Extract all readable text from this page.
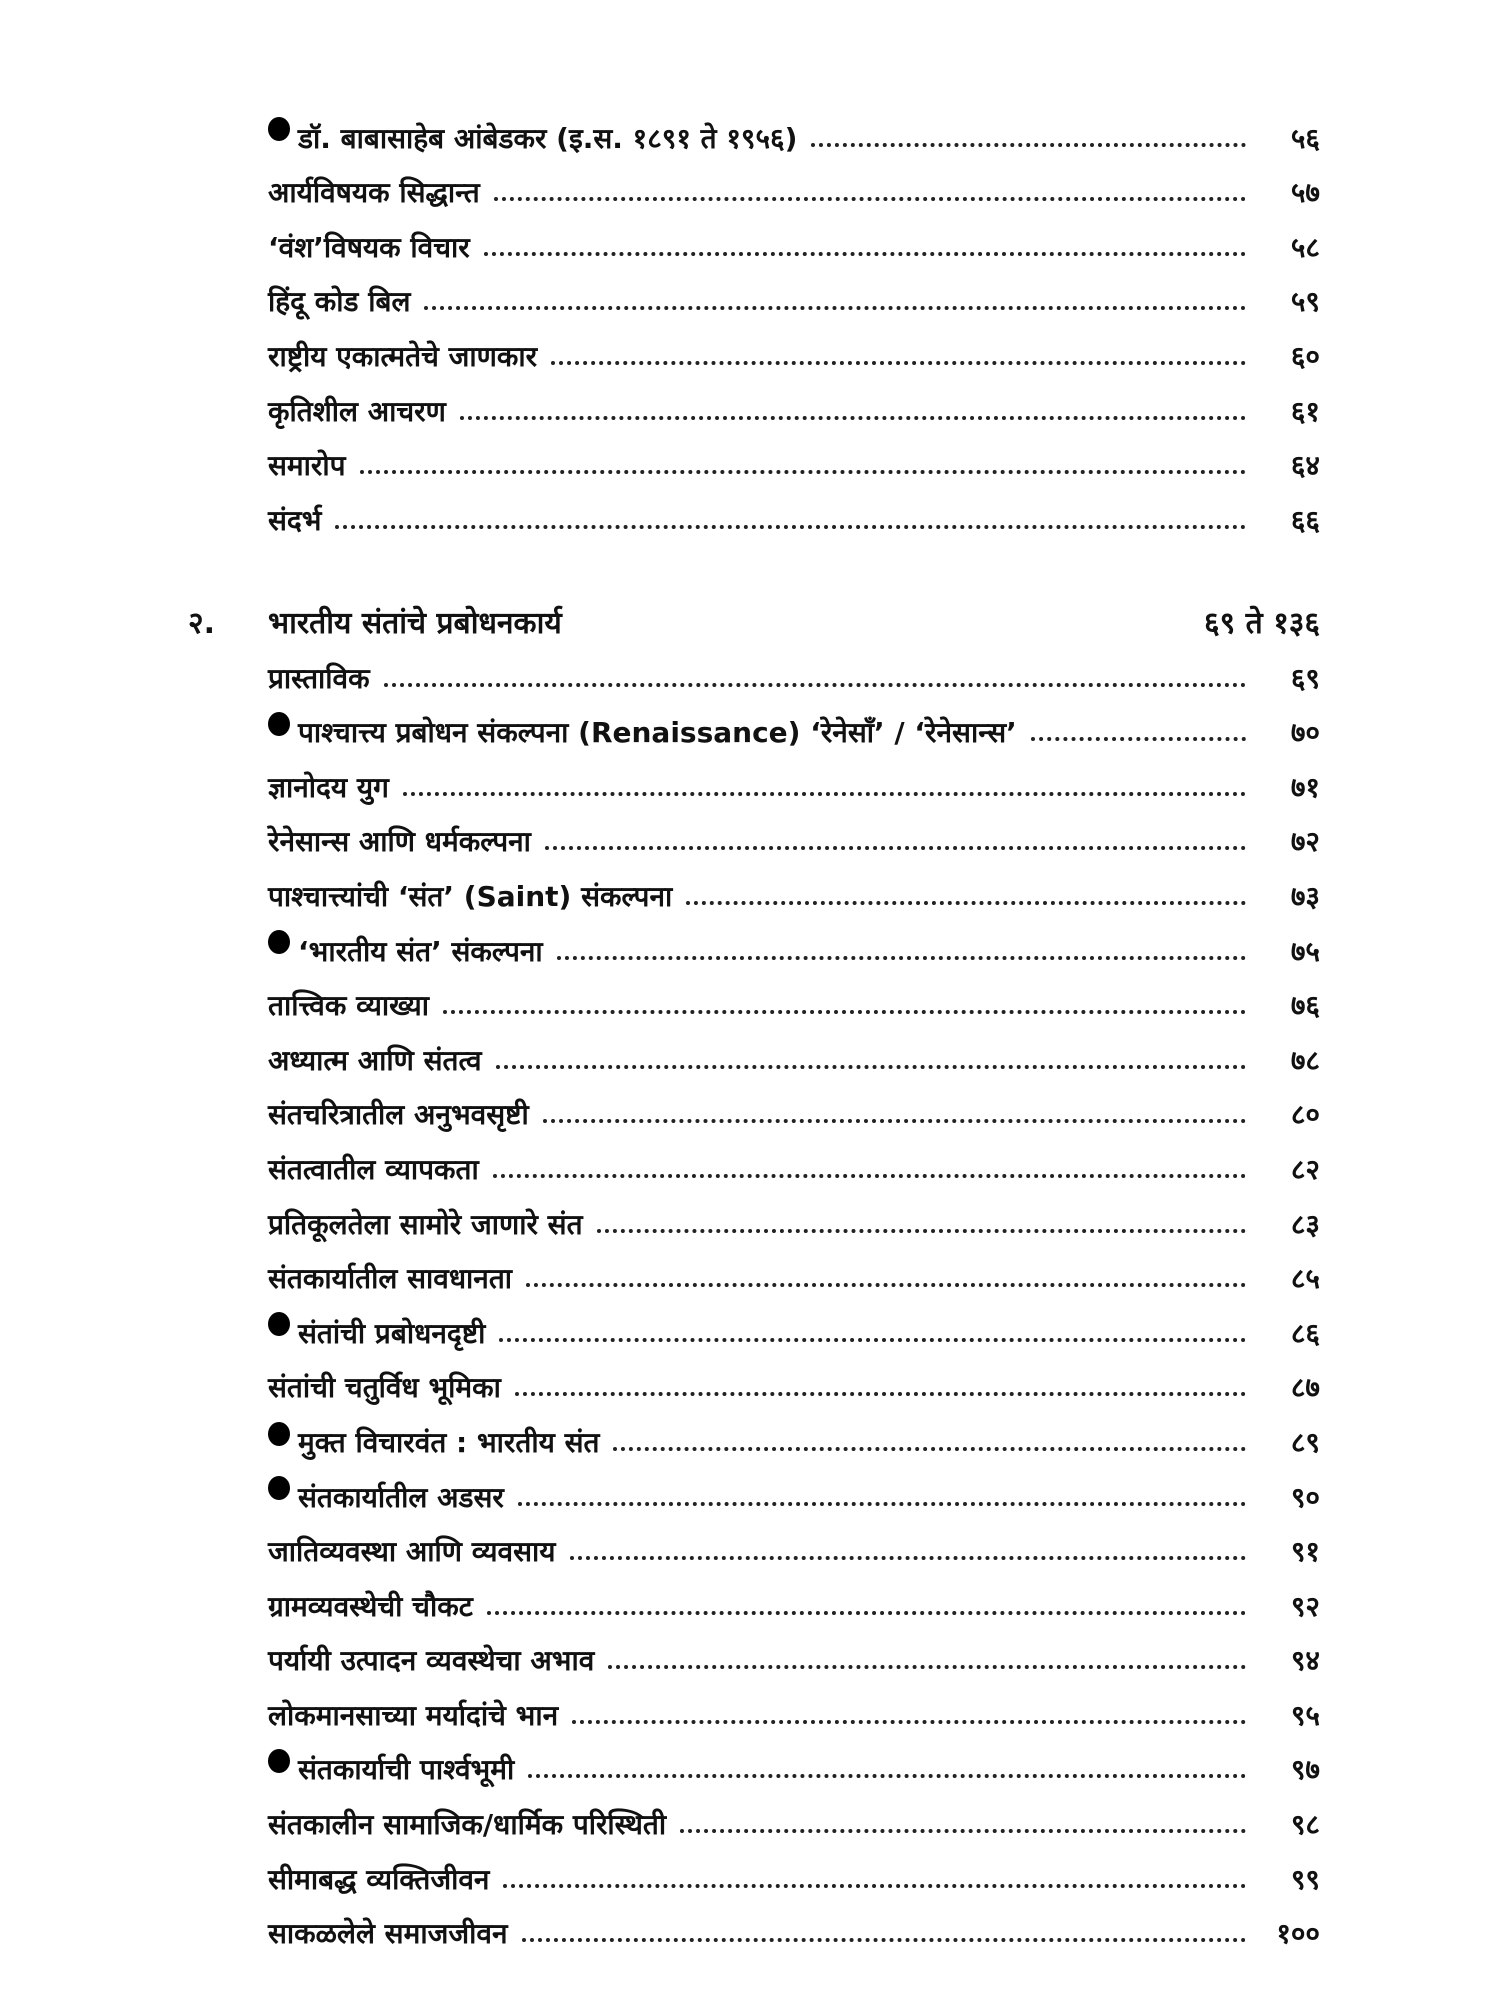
डॉ. बाबासाहेब आंबेडकर (इ.स. १८९१ ते १९५६)	५६
आर्यविषयक सिद्धान्त	५७
‘वंश’विषयक विचार	५८
हिंदू कोड बिल	५९
राष्ट्रीय एकात्मतेचे जाणकार	६०
कृतिशील आचरण	६१
समारोप	६४
संदर्भ	६६
२. भारतीय संतांचे प्रबोधनकार्य	६९ ते १३६
प्रास्ताविक	६९
पाश्चात्त्य प्रबोधन संकल्पना (Renaissance) ‘रेनेसाँ’ / ‘रेनेसान्स’	७०
ज्ञानोदय युग	७१
रेनेसान्स आणि धर्मकल्पना	७२
पाश्चात्त्यांची ‘संत’ (Saint) संकल्पना	७३
‘भारतीय संत’ संकल्पना	७५
तात्त्विक व्याख्या	७६
अध्यात्म आणि संतत्व	७८
संतचरित्रातील अनुभवसृष्टी	८०
संतत्वातील व्यापकता	८२
प्रतिकूलतेला सामोरे जाणारे संत	८३
संतकार्यातील सावधानता	८५
संतांची प्रबोधनदृष्टी	८६
संतांची चतुर्विध भूमिका	८७
मुक्त विचारवंत : भारतीय संत	८९
संतकार्यातील अडसर	९०
जातिव्यवस्था आणि व्यवसाय	९१
ग्रामव्यवस्थेची चौकट	९२
पर्यायी उत्पादन व्यवस्थेचा अभाव	९४
लोकमानसाच्या मर्यादांचे भान	९५
संतकार्याची पार्श्वभूमी	९७
संतकालीन सामाजिक/धार्मिक परिस्थिती	९८
सीमाबद्ध व्यक्तिजीवन	९९
साकळलेले समाजजीवन	१००
